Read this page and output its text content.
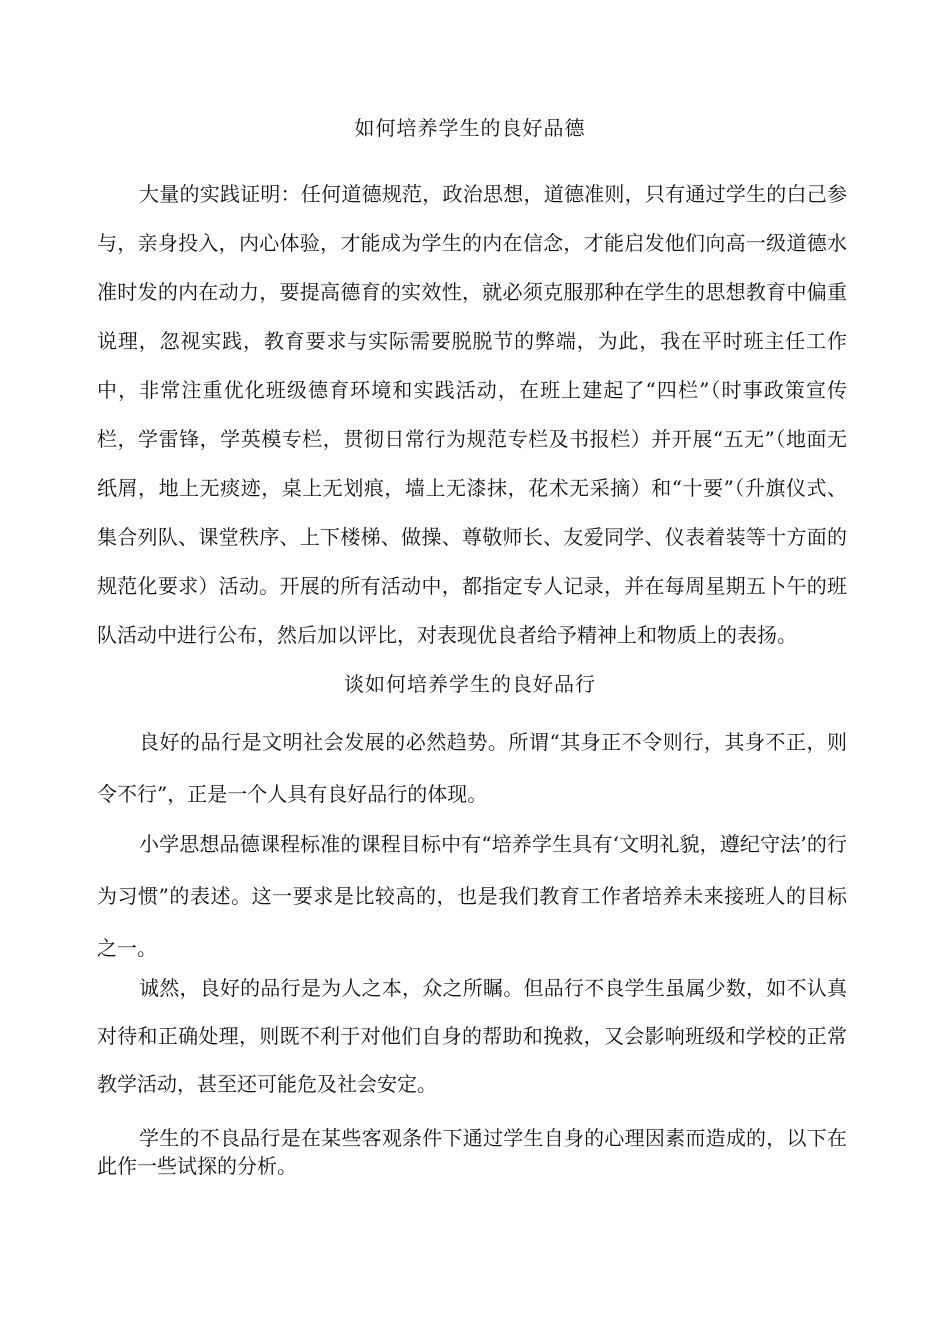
如何培养学生的良好品德

大量的实践证明：任何道德规范，政治思想，道德准则，只有通过学生的白己参与，亲身投入，内心体验，才能成为学生的内在信念，才能启发他们向高一级道德水准时发的内在动力，要提高德育的实效性，就必须克服那种在学生的思想教育中偏重说理，忽视实践，教育要求与实际需要脱脱节的弊端，为此，我在平时班主任工作中，非常注重优化班级德育环境和实践活动，在班上建起了“四栏”（时事政策宣传栏，学雷锋，学英模专栏，贯彻日常行为规范专栏及书报栏）并开展“五无”（地面无纸屑，地上无痰迹，桌上无划痕，墙上无漆抹，花术无采摘）和“十要”（升旗仪式、集合列队、课堂秩序、上下楼梯、做操、尊敬师长、友爱同学、仪表着装等十方面的规范化要求）活动。开展的所有活动中，都指定专人记录，并在每周星期五卜午的班队活动中进行公布，然后加以评比，对表现优良者给予精神上和物质上的表扬。

谈如何培养学生的良好品行

良好的品行是文明社会发展的必然趋势。所谓“其身正不令则行，其身不正，则令不行”，正是一个人具有良好品行的体现。

小学思想品德课程标准的课程目标中有“培养学生具有‘文明礼貌，遵纪守法’的行为习惯”的表述。这一要求是比较高的，也是我们教育工作者培养未来接班人的目标之一。

诚然，良好的品行是为人之本，众之所瞩。但品行不良学生虽属少数，如不认真对待和正确处理，则既不利于对他们自身的帮助和挽救，又会影响班级和学校的正常教学活动，甚至还可能危及社会安定。

学生的不良品行是在某些客观条件下通过学生自身的心理因素而造成的，以下在此作一些试探的分析。
